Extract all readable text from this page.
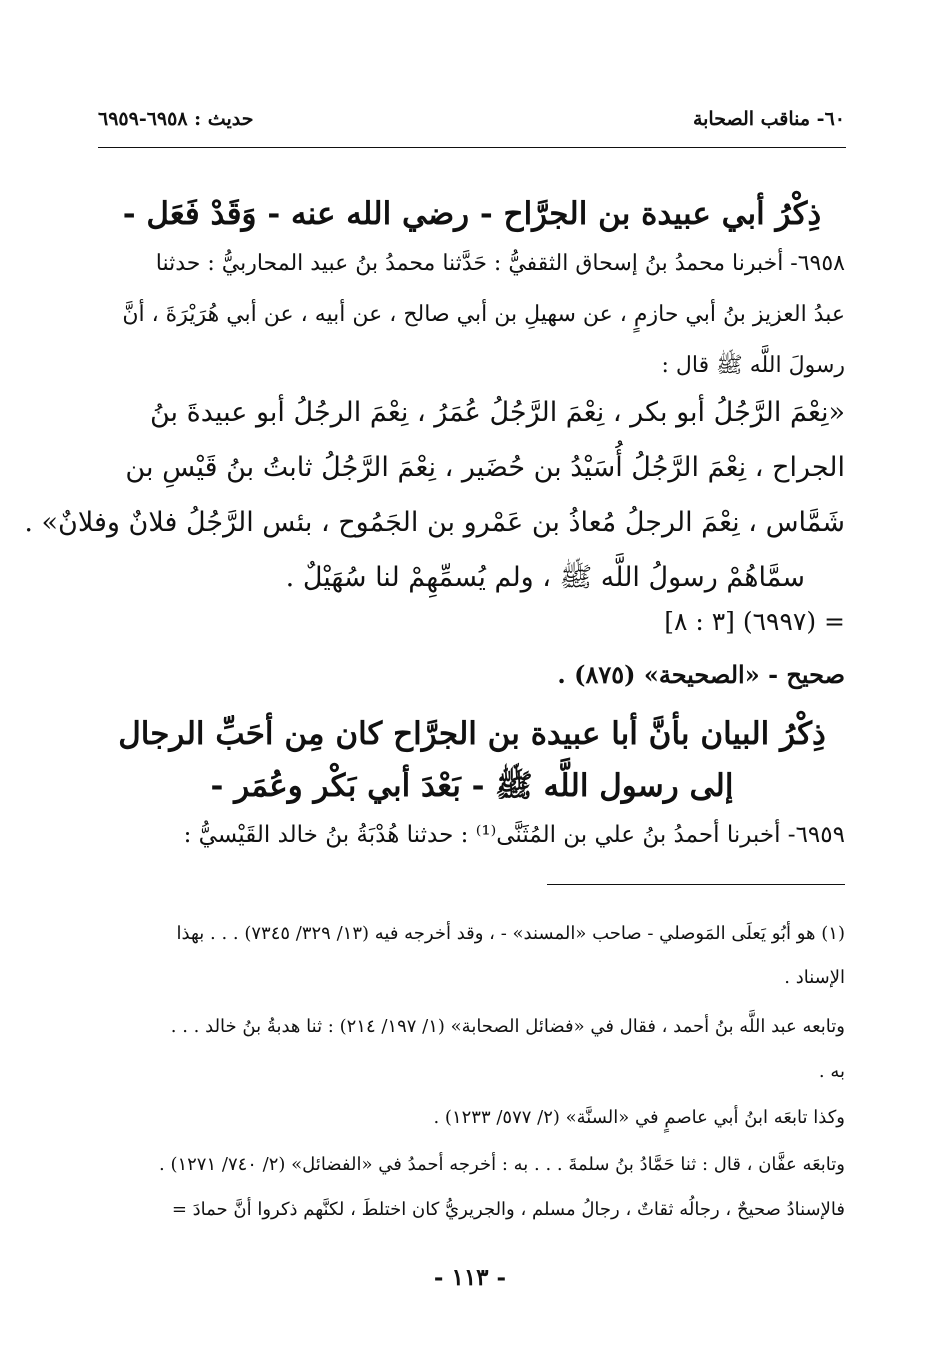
٦٠- مناقب الصحابة
حديث : ٦٩٥٨-٦٩٥٩
ذِكْرُ أبي عبيدة بن الجرَّاح - رضي الله عنه - وَقَدْ فَعَل -
٦٩٥٨- أخبرنا محمدُ بنُ إسحاق الثقفيُّ : حَدَّثنا محمدُ بنُ عبيد المحاربيُّ : حدثنا
عبدُ العزيز بنُ أبي حازمٍ ، عن سهيلِ بن أبي صالح ، عن أبيه ، عن أبي هُرَيْرَةَ ، أنَّ
رسولَ اللَّه ﷺ قال :
«نِعْمَ الرَّجُلُ أبو بكر ، نِعْمَ الرَّجُلُ عُمَرُ ، نِعْمَ الرجُلُ أبو عبيدةَ بنُ
الجراح ، نِعْمَ الرَّجُلُ أُسَيْدُ بن حُضَير ، نِعْمَ الرَّجُلُ ثابتُ بنُ قَيْسِ بن
شَمَّاس ، نِعْمَ الرجلُ مُعاذُ بن عَمْرو بن الجَمُوح ، بئس الرَّجُلُ فلانٌ وفلانٌ» .
سمَّاهُمْ رسولُ اللَّه ﷺ ، ولم يُسمِّهِمْ لنا سُهَيْلٌ .
= (٦٩٩٧) [٣ : ٨]
صحيح - «الصحيحة» (٨٧٥) .
ذِكْرُ البيان بأنَّ أبا عبيدة بن الجرَّاح كان مِن أحَبِّ الرجال
إلى رسول اللَّه ﷺ - بَعْدَ أبي بَكْر وعُمَر -
٦٩٥٩- أخبرنا أحمدُ بنُ علي بن المُثَنَّى⁽¹⁾ : حدثنا هُدْبَةُ بنُ خالد القَيْسيُّ :
(١) هو أبُو يَعلَى المَوصلي - صاحب «المسند» - ، وقد أخرجه فيه (١٣/ ٣٢٩/ ٧٣٤٥) . . . بهذا
الإسناد .
وتابعه عبد اللَّه بنُ أحمد ، فقال في «فضائل الصحابة» (١/ ١٩٧/ ٢١٤) : ثنا هدبةُ بنُ خالد . . .
به .
وكذا تابعَه ابنُ أبي عاصمٍ في «السنَّة» (٢/ ٥٧٧/ ١٢٣٣) .
وتابعَه عفَّان ، قال : ثنا حَمَّادُ بنُ سلمةَ . . . به : أخرجه أحمدُ في «الفضائل» (٢/ ٧٤٠/ ١٢٧١) .
فالإسنادُ صحيحٌ ، رجالُه ثقاتٌ ، رجالُ مسلم ، والجريريُّ كان اختلطَ ، لكنَّهم ذكروا أنَّ حمادَ =
- ١١٣ -
